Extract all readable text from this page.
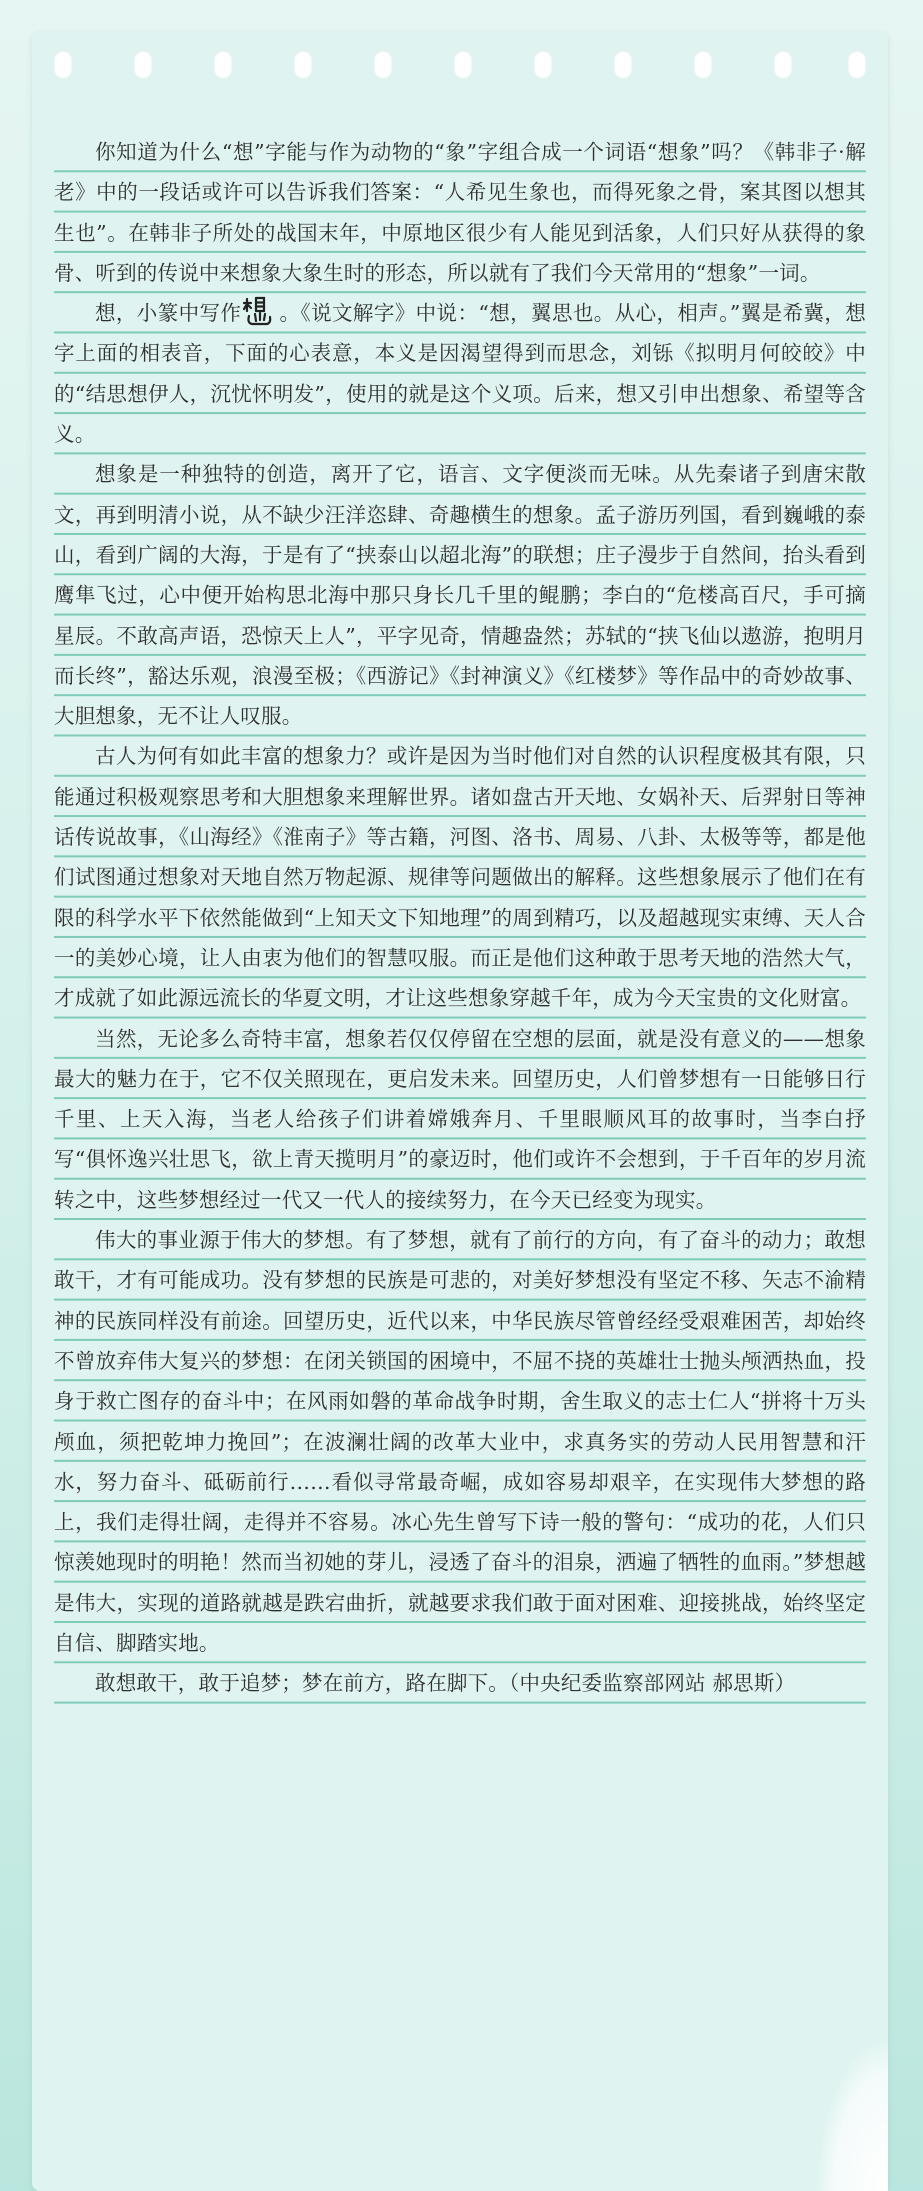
你知道为什么“想”字能与作为动物的“象”字组合成一个词语“想象”吗？《韩非子·解老》中的一段话或许可以告诉我们答案：“人希见生象也，而得死象之骨，案其图以想其生也”。在韩非子所处的战国末年，中原地区很少有人能见到活象，人们只好从获得的象骨、听到的传说中来想象大象生时的形态，所以就有了我们今天常用的“想象”一词。

想，小篆中写作 。《说文解字》中说：“想，翼思也。从心，相声。”翼是希冀，想字上面的相表音，下面的心表意，本义是因渴望得到而思念，刘铄《拟明月何皎皎》中的“结思想伊人，沉忧怀明发”，使用的就是这个义项。后来，想又引申出想象、希望等含义。

想象是一种独特的创造，离开了它，语言、文字便淡而无味。从先秦诸子到唐宋散文，再到明清小说，从不缺少汪洋恣肆、奇趣横生的想象。孟子游历列国，看到巍峨的泰山，看到广阔的大海，于是有了“挟泰山以超北海”的联想；庄子漫步于自然间，抬头看到鹰隼飞过，心中便开始构思北海中那只身长几千里的鲲鹏；李白的“危楼高百尺，手可摘星辰。不敢高声语，恐惊天上人”，平字见奇，情趣盎然；苏轼的“挟飞仙以遨游，抱明月而长终”，豁达乐观，浪漫至极；《西游记》《封神演义》《红楼梦》等作品中的奇妙故事、大胆想象，无不让人叹服。

古人为何有如此丰富的想象力？或许是因为当时他们对自然的认识程度极其有限，只能通过积极观察思考和大胆想象来理解世界。诸如盘古开天地、女娲补天、后羿射日等神话传说故事，《山海经》《淮南子》等古籍，河图、洛书、周易、八卦、太极等等，都是他们试图通过想象对天地自然万物起源、规律等问题做出的解释。这些想象展示了他们在有限的科学水平下依然能做到“上知天文下知地理”的周到精巧，以及超越现实束缚、天人合一的美妙心境，让人由衷为他们的智慧叹服。而正是他们这种敢于思考天地的浩然大气，才成就了如此源远流长的华夏文明，才让这些想象穿越千年，成为今天宝贵的文化财富。

当然，无论多么奇特丰富，想象若仅仅停留在空想的层面，就是没有意义的——想象最大的魅力在于，它不仅关照现在，更启发未来。回望历史，人们曾梦想有一日能够日行千里、上天入海，当老人给孩子们讲着嫦娥奔月、千里眼顺风耳的故事时，当李白抒写“俱怀逸兴壮思飞，欲上青天揽明月”的豪迈时，他们或许不会想到，于千百年的岁月流转之中，这些梦想经过一代又一代人的接续努力，在今天已经变为现实。

伟大的事业源于伟大的梦想。有了梦想，就有了前行的方向，有了奋斗的动力；敢想敢干，才有可能成功。没有梦想的民族是可悲的，对美好梦想没有坚定不移、矢志不渝精神的民族同样没有前途。回望历史，近代以来，中华民族尽管曾经经受艰难困苦，却始终不曾放弃伟大复兴的梦想：在闭关锁国的困境中，不屈不挠的英雄壮士抛头颅洒热血，投身于救亡图存的奋斗中；在风雨如磐的革命战争时期，舍生取义的志士仁人“拼将十万头颅血，须把乾坤力挽回”；在波澜壮阔的改革大业中，求真务实的劳动人民用智慧和汗水，努力奋斗、砥砺前行……看似寻常最奇崛，成如容易却艰辛，在实现伟大梦想的路上，我们走得壮阔，走得并不容易。冰心先生曾写下诗一般的警句：“成功的花，人们只惊羡她现时的明艳！然而当初她的芽儿，浸透了奋斗的泪泉，洒遍了牺牲的血雨。”梦想越是伟大，实现的道路就越是跌宕曲折，就越要求我们敢于面对困难、迎接挑战，始终坚定自信、脚踏实地。

敢想敢干，敢于追梦；梦在前方，路在脚下。（中央纪委监察部网站 郝思斯）
